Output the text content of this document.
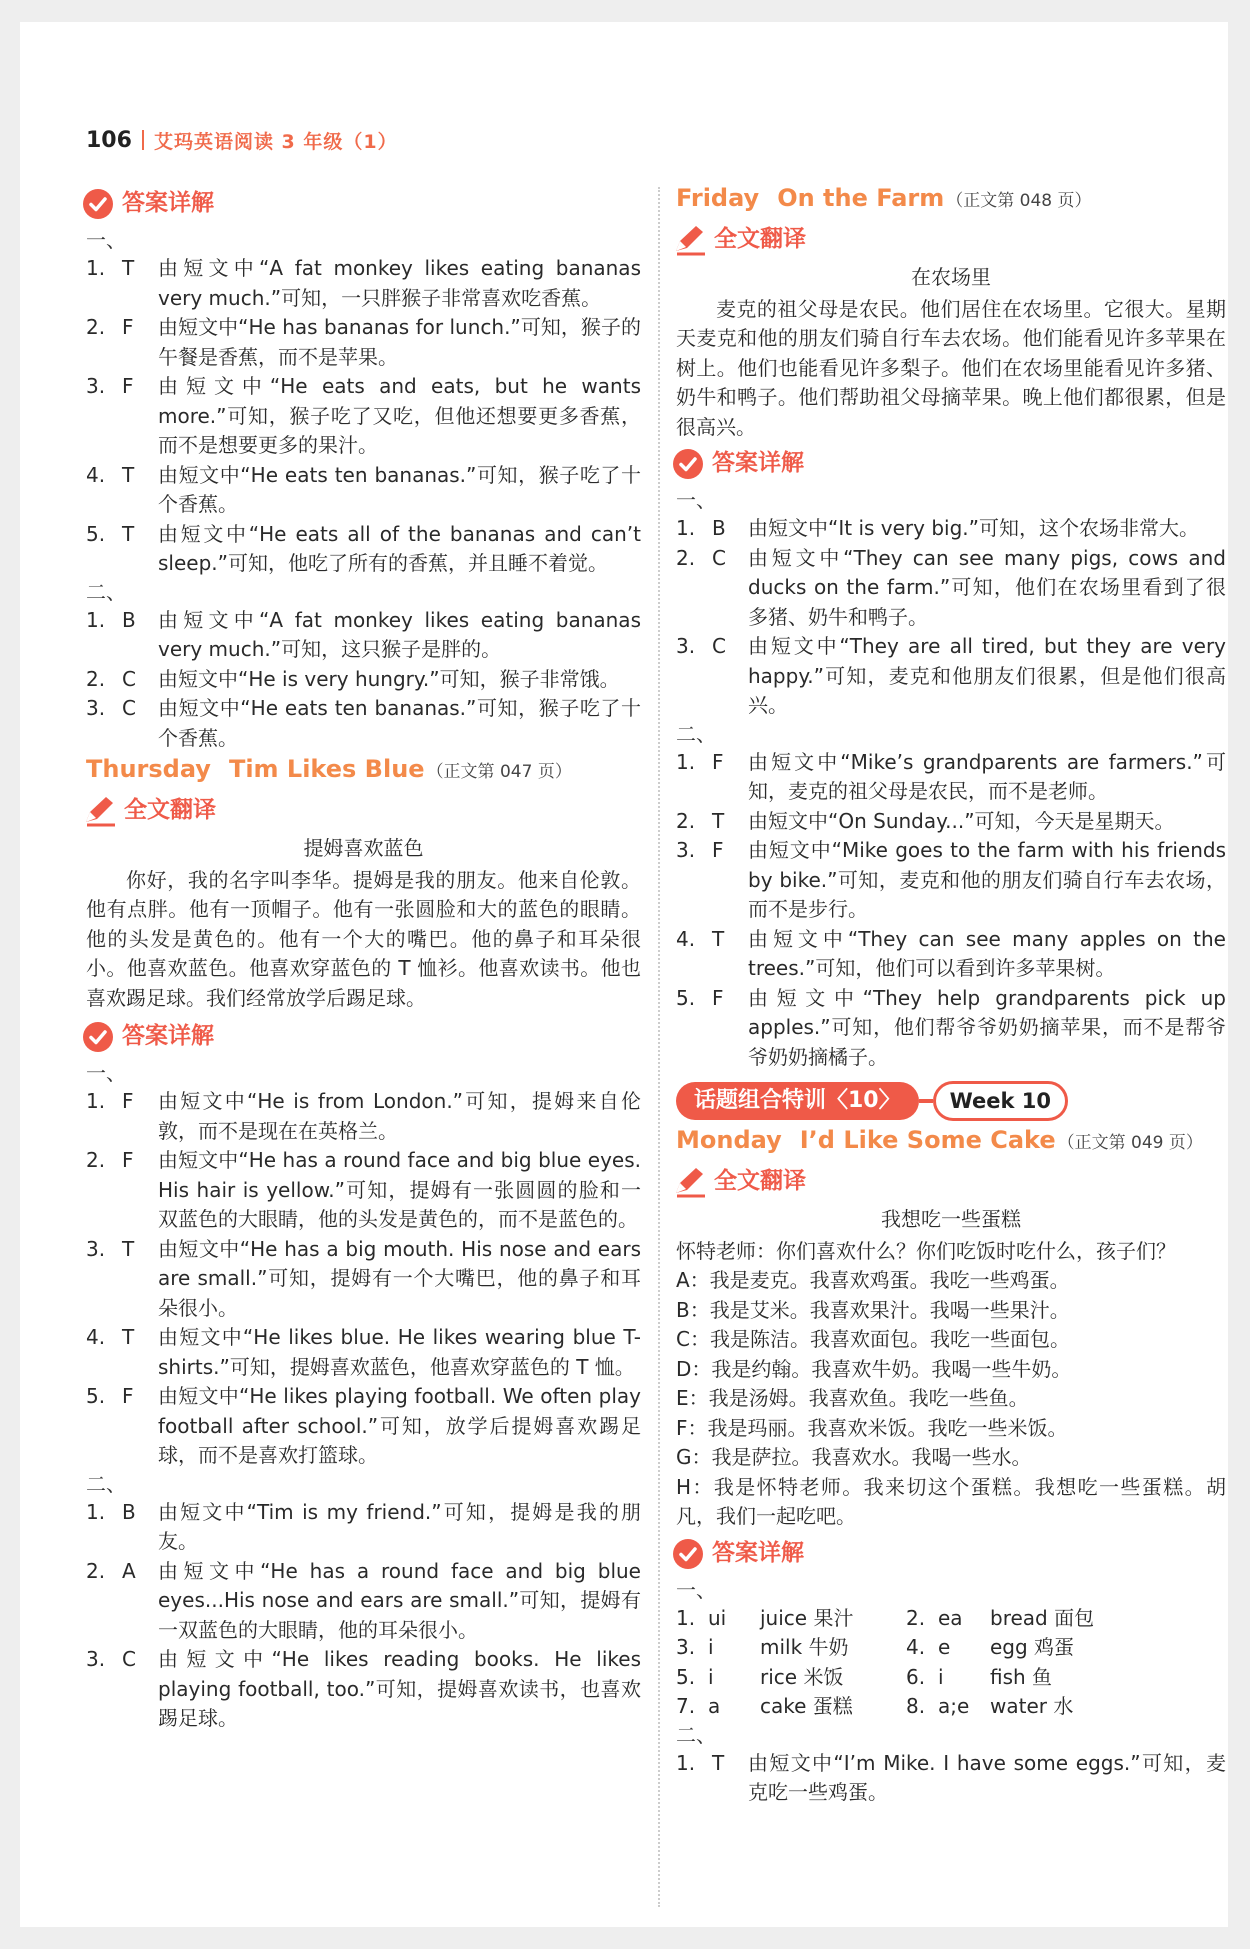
106 艾玛英语阅读 3 年级（1）
答案详解
一、
1. T	由短文中“A fat monkey likes eating bananas very much.”可知，一只胖猴子非常喜欢吃香蕉。
2. F	由短文中“He has bananas for lunch.”可知，猴子的午餐是香蕉，而不是苹果。
3. F	由短文中“He eats and eats, but he wants more.”可知，猴子吃了又吃，但他还想要更多香蕉，而不是想要更多的果汁。
4. T	由短文中“He eats ten bananas.”可知，猴子吃了十个香蕉。
5. T	由短文中“He eats all of the bananas and can’t sleep.”可知，他吃了所有的香蕉，并且睡不着觉。
二、
1. B	由短文中“A fat monkey likes eating bananas very much.”可知，这只猴子是胖的。
2. C	由短文中“He is very hungry.”可知，猴子非常饿。
3. C	由短文中“He eats ten bananas.”可知，猴子吃了十个香蕉。
Thursday Tim Likes Blue （正文第 047 页）
全文翻译
提姆喜欢蓝色
你好，我的名字叫李华。提姆是我的朋友。他来自伦敦。他有点胖。他有一顶帽子。他有一张圆脸和大的蓝色的眼睛。他的头发是黄色的。他有一个大的嘴巴。他的鼻子和耳朵很小。他喜欢蓝色。他喜欢穿蓝色的 T 恤衫。他喜欢读书。他也喜欢踢足球。我们经常放学后踢足球。
答案详解
一、
1. F	由短文中“He is from London.”可知，提姆来自伦敦，而不是现在在英格兰。
2. F	由短文中“He has a round face and big blue eyes. His hair is yellow.”可知，提姆有一张圆圆的脸和一双蓝色的大眼睛，他的头发是黄色的，而不是蓝色的。
3. T	由短文中“He has a big mouth. His nose and ears are small.”可知，提姆有一个大嘴巴，他的鼻子和耳朵很小。
4. T	由短文中“He likes blue. He likes wearing blue T-shirts.”可知，提姆喜欢蓝色，他喜欢穿蓝色的 T 恤。
5. F	由短文中“He likes playing football. We often play football after school.”可知，放学后提姆喜欢踢足球，而不是喜欢打篮球。
二、
1. B	由短文中“Tim is my friend.”可知，提姆是我的朋友。
2. A	由短文中“He has a round face and big blue eyes...His nose and ears are small.”可知，提姆有一双蓝色的大眼睛，他的耳朵很小。
3. C	由短文中“He likes reading books. He likes playing football, too.”可知，提姆喜欢读书，也喜欢踢足球。
Friday On the Farm （正文第 048 页）
全文翻译
在农场里
麦克的祖父母是农民。他们居住在农场里。它很大。星期天麦克和他的朋友们骑自行车去农场。他们能看见许多苹果在树上。他们也能看见许多梨子。他们在农场里能看见许多猪、奶牛和鸭子。他们帮助祖父母摘苹果。晚上他们都很累，但是很高兴。
答案详解
一、
1. B	由短文中“It is very big.”可知，这个农场非常大。
2. C	由短文中“They can see many pigs, cows and ducks on the farm.”可知，他们在农场里看到了很多猪、奶牛和鸭子。
3. C	由短文中“They are all tired, but they are very happy.”可知，麦克和他朋友们很累，但是他们很高兴。
二、
1. F	由短文中“Mike’s grandparents are farmers.”可知，麦克的祖父母是农民，而不是老师。
2. T	由短文中“On Sunday...”可知，今天是星期天。
3. F	由短文中“Mike goes to the farm with his friends by bike.”可知，麦克和他的朋友们骑自行车去农场，而不是步行。
4. T	由短文中“They can see many apples on the trees.”可知，他们可以看到许多苹果树。
5. F	由短文中“They help grandparents pick up apples.”可知，他们帮爷爷奶奶摘苹果，而不是帮爷爷奶奶摘橘子。
话题组合特训〈10〉	Week 10
Monday I’d Like Some Cake （正文第 049 页）
全文翻译
我想吃一些蛋糕
怀特老师：你们喜欢什么？你们吃饭时吃什么，孩子们？
A：我是麦克。我喜欢鸡蛋。我吃一些鸡蛋。
B：我是艾米。我喜欢果汁。我喝一些果汁。
C：我是陈洁。我喜欢面包。我吃一些面包。
D：我是约翰。我喜欢牛奶。我喝一些牛奶。
E：我是汤姆。我喜欢鱼。我吃一些鱼。
F：我是玛丽。我喜欢米饭。我吃一些米饭。
G：我是萨拉。我喜欢水。我喝一些水。
H：我是怀特老师。我来切这个蛋糕。我想吃一些蛋糕。胡凡，我们一起吃吧。
答案详解
一、
1. ui	juice 果汁	2. ea	bread 面包
3. i	milk 牛奶	4. e	egg 鸡蛋
5. i	rice 米饭	6. i	fish 鱼
7. a	cake 蛋糕	8. a;e	water 水
二、
1. T	由短文中“I’m Mike. I have some eggs.”可知，麦克吃一些鸡蛋。
